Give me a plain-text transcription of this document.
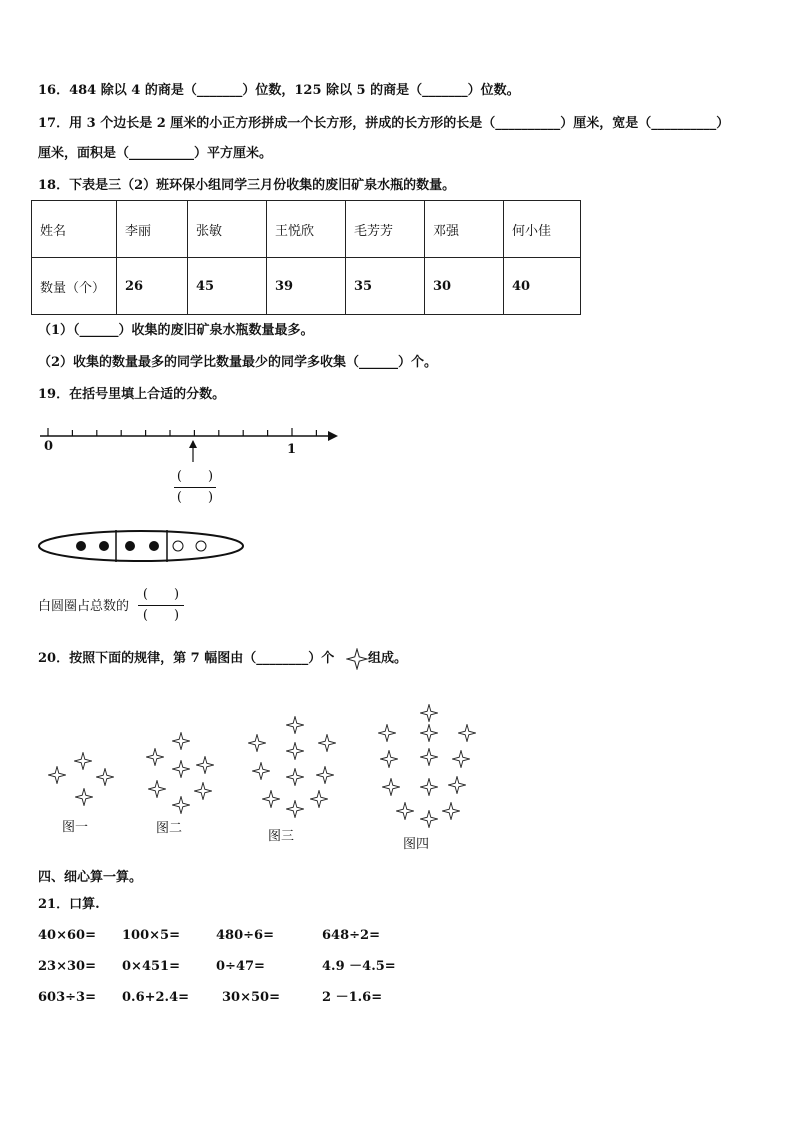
16．484 除以 4 的商是（_______）位数，125 除以 5 的商是（_______）位数。
17．用 3 个边长是 2 厘米的小正方形拼成一个长方形，拼成的长方形的长是（__________）厘米，宽是（__________）
厘米，面积是（__________）平方厘米。
18．下表是三（2）班环保小组同学三月份收集的废旧矿泉水瓶的数量。
姓名	李丽	张敏	王悦欣	毛芳芳	邓强	何小佳
数量（个）	26	45	39	35	30	40
（1）（______）收集的废旧矿泉水瓶数量最多。
（2）收集的数量最多的同学比数量最少的同学多收集（______）个。
19．在括号里填上合适的分数。
0	1
(　　)
(　　)
白圆圈占总数的
(　　)
(　　)
20．按照下面的规律，第 7 幅图由（________）个	组成。
图一	图二
图三
图四
四、细心算一算。
21．口算.
40×60= 100×5=	480÷6=	648÷2=
23×30= 0×451=	0÷47=	4.9 －4.5=
603÷3= 0.6+2.4=	30×50=	2 －1.6=
